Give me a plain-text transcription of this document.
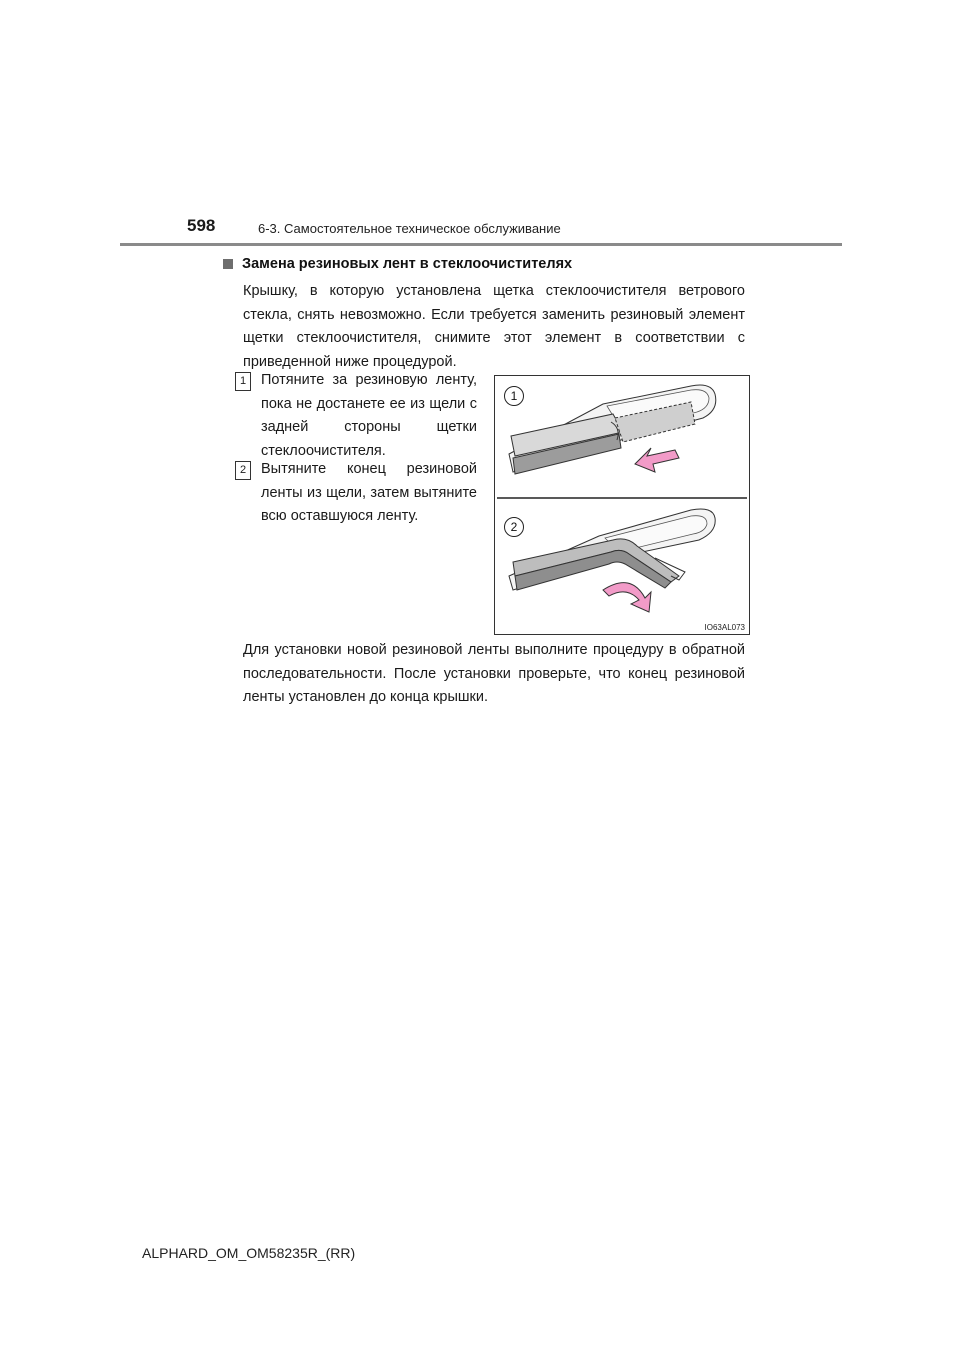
598	6-3. Самостоятельное техническое обслуживание
Замена резиновых лент в стеклоочистителях
Крышку, в которую установлена щетка стеклоочистителя ветрового стекла, снять невозможно. Если требуется заменить резиновый элемент щетки стеклоочистителя, снимите этот элемент в соответствии с приведенной ниже процедурой.
1	Потяните за резиновую ленту, пока не достанете ее из щели с задней стороны щетки стеклоочистителя.
2	Вытяните конец резиновой ленты из щели, затем вытяните всю оставшуюся ленту.
1
2
IO63AL073
Для установки новой резиновой ленты выполните процедуру в обратной последовательности. После установки проверьте, что конец резиновой ленты установлен до конца крышки.
ALPHARD_OM_OM58235R_(RR)
